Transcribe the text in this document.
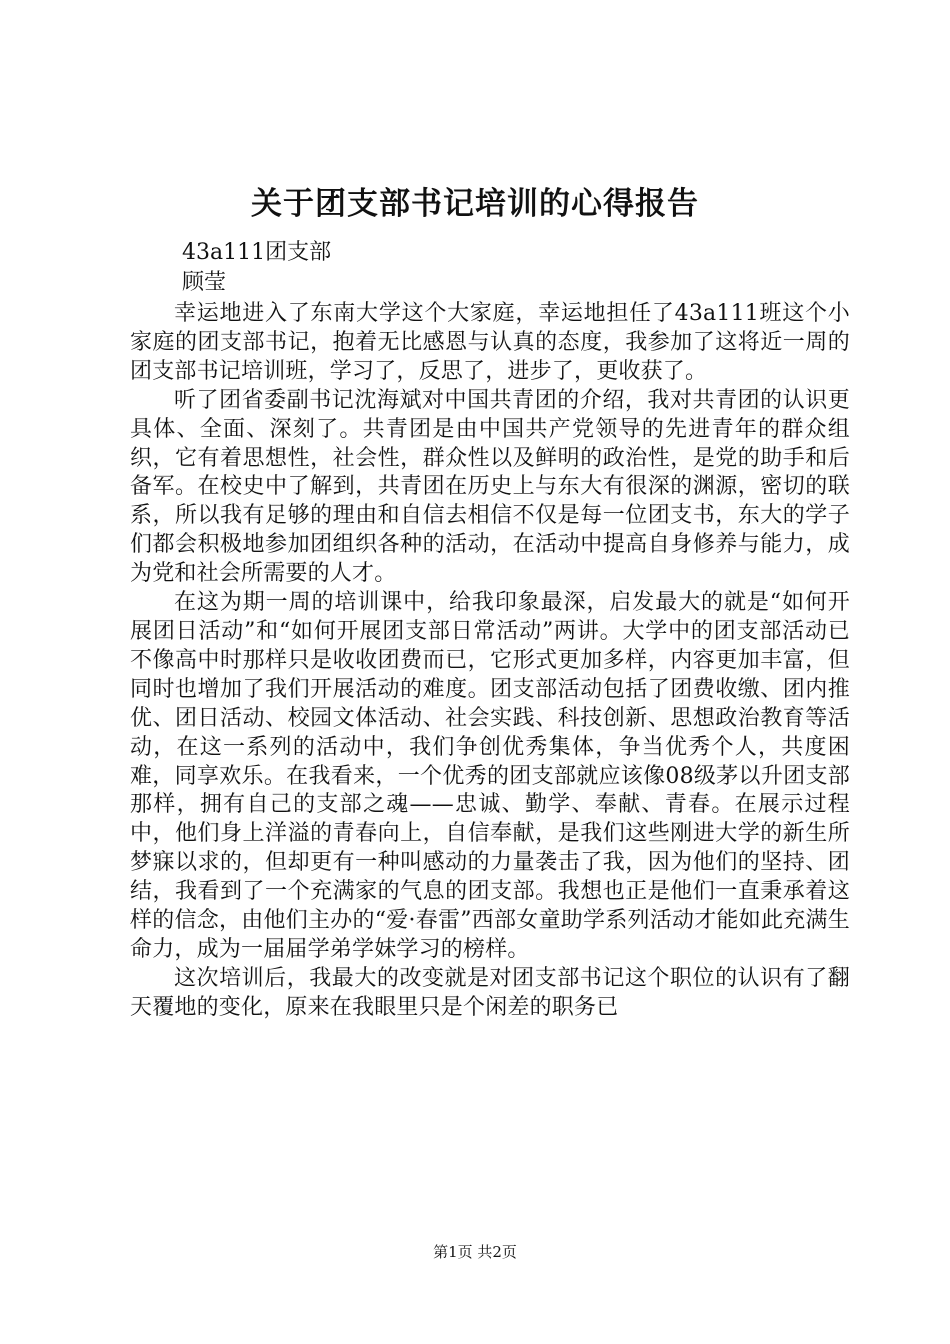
关于团支部书记培训的心得报告
43a111团支部
顾莹

幸运地进入了东南大学这个大家庭，幸运地担任了43a111班这个小家庭的团支部书记，抱着无比感恩与认真的态度，我参加了这将近一周的团支部书记培训班，学习了，反思了，进步了，更收获了。

听了团省委副书记沈海斌对中国共青团的介绍，我对共青团的认识更具体、全面、深刻了。共青团是由中国共产党领导的先进青年的群众组织，它有着思想性，社会性，群众性以及鲜明的政治性，是党的助手和后备军。在校史中了解到，共青团在历史上与东大有很深的渊源，密切的联系，所以我有足够的理由和自信去相信不仅是每一位团支书，东大的学子们都会积极地参加团组织各种的活动，在活动中提高自身修养与能力，成为党和社会所需要的人才。

在这为期一周的培训课中，给我印象最深，启发最大的就是“如何开展团日活动”和“如何开展团支部日常活动”两讲。大学中的团支部活动已不像高中时那样只是收收团费而已，它形式更加多样，内容更加丰富，但同时也增加了我们开展活动的难度。团支部活动包括了团费收缴、团内推优、团日活动、校园文体活动、社会实践、科技创新、思想政治教育等活动，在这一系列的活动中，我们争创优秀集体，争当优秀个人，共度困难，同享欢乐。在我看来，一个优秀的团支部就应该像08级茅以升团支部那样，拥有自己的支部之魂——忠诚、勤学、奉献、青春。在展示过程中，他们身上洋溢的青春向上，自信奉献，是我们这些刚进大学的新生所梦寐以求的，但却更有一种叫感动的力量袭击了我，因为他们的坚持、团结，我看到了一个充满家的气息的团支部。我想也正是他们一直秉承着这样的信念，由他们主办的“爱·春雷”西部女童助学系列活动才能如此充满生命力，成为一届届学弟学妹学习的榜样。

这次培训后，我最大的改变就是对团支部书记这个职位的认识有了翻天覆地的变化，原来在我眼里只是个闲差的职务已

第1页 共2页
